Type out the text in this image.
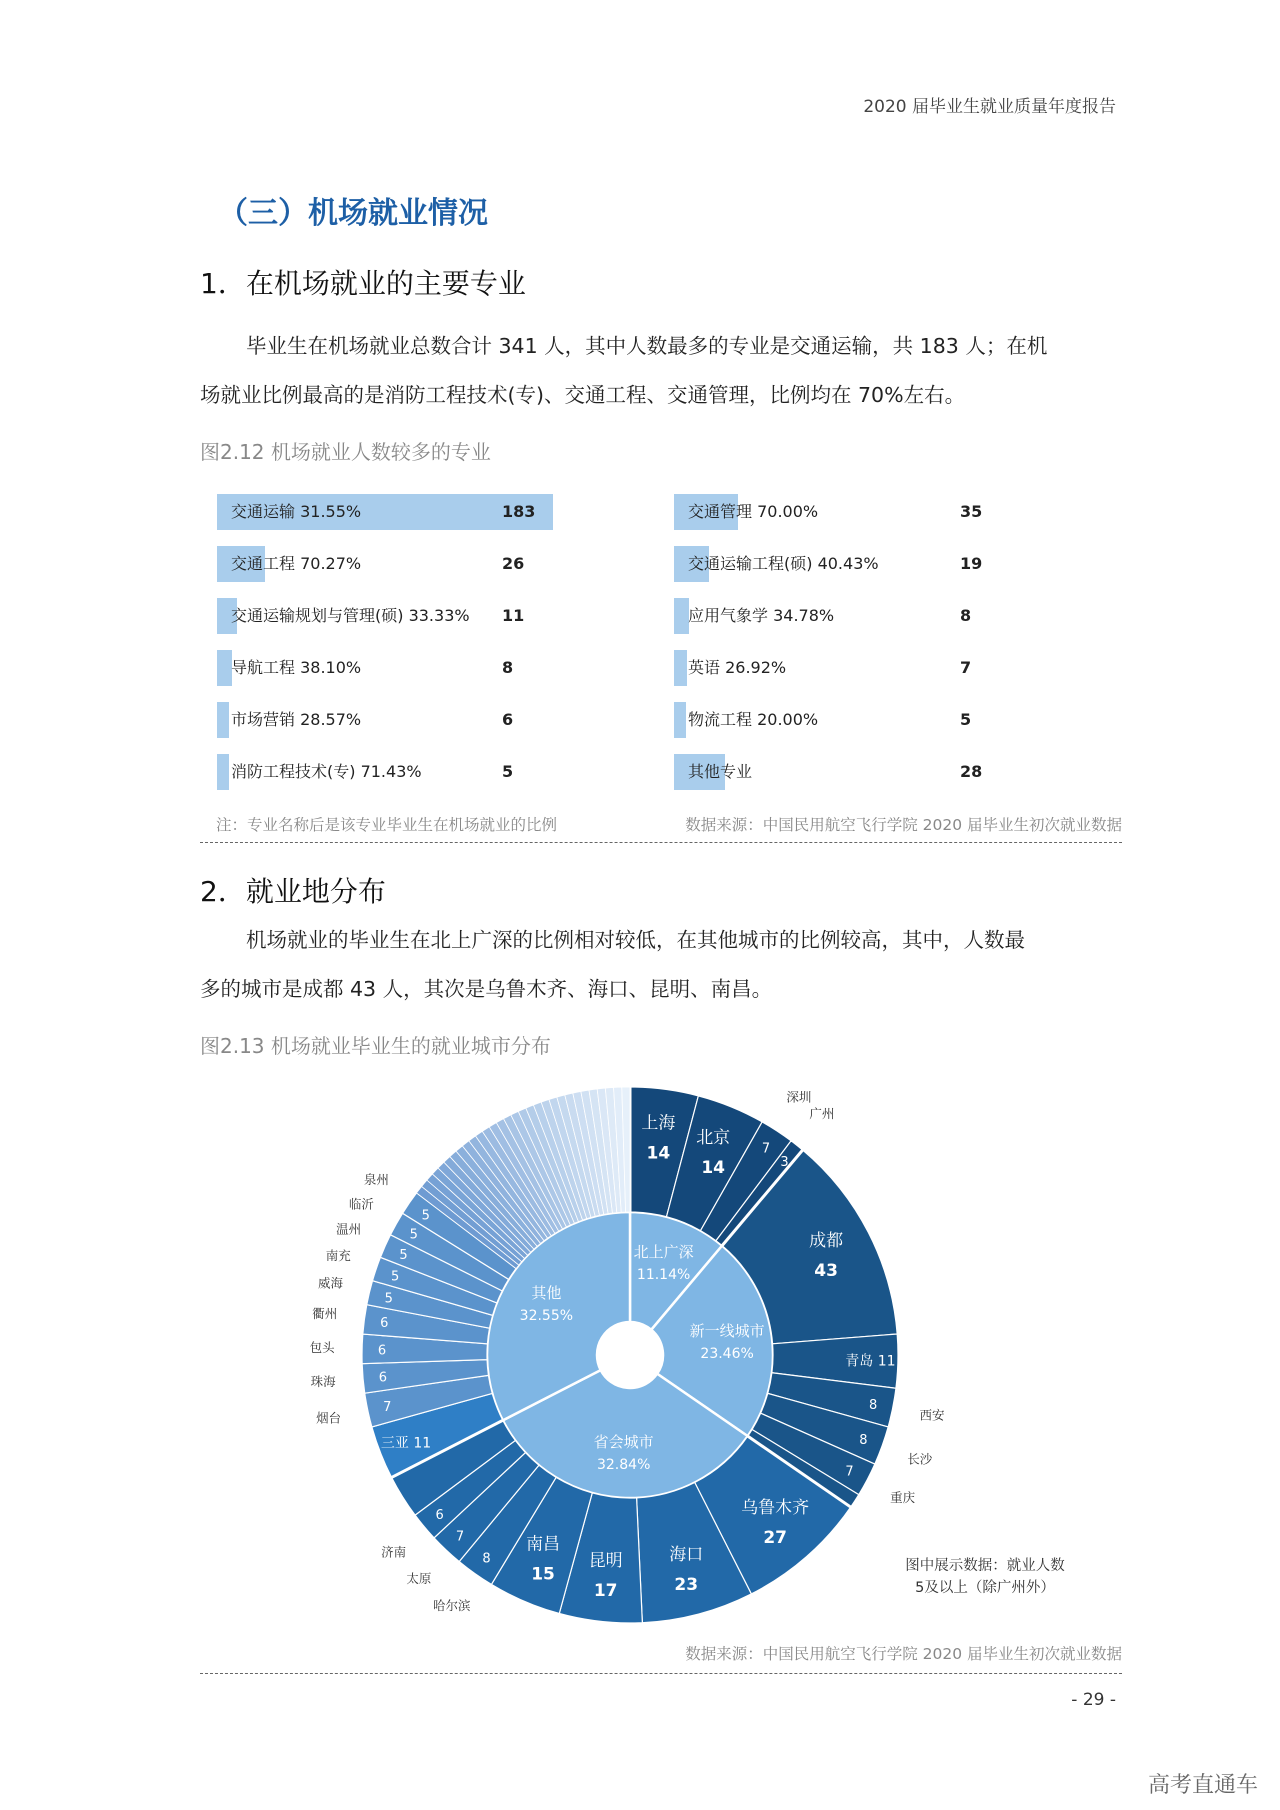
2020 届毕业生就业质量年度报告
（三）机场就业情况
1．在机场就业的主要专业
毕业生在机场就业总数合计 341 人，其中人数最多的专业是交通运输，共 183 人；在机
场就业比例最高的是消防工程技术(专)、交通工程、交通管理，比例均在 70%左右。
图2.12 机场就业人数较多的专业
交通运输 31.55%	183
交通工程 70.27%	26
交通运输规划与管理(硕) 33.33% 11
导航工程 38.10%	8
市场营销 28.57%	6
消防工程技术(专) 71.43%	5
交通管理 70.00%	35
交通运输工程(硕) 40.43%	19
应用气象学 34.78%	8
英语 26.92%	7
物流工程 20.00%	5
其他专业	28
注：专业名称后是该专业毕业生在机场就业的比例	数据来源：中国民用航空飞行学院 2020 届毕业生初次就业数据
2．就业地分布
机场就业的毕业生在北上广深的比例相对较低，在其他城市的比例较高，其中，人数最
多的城市是成都 43 人，其次是乌鲁木齐、海口、昆明、南昌。
图2.13 机场就业毕业生的就业城市分布
北上广深
11.14%
新一线城市
23.46%
省会城市
32.84%
其他
32.55%
上海
14
北京
14
7
深圳
3
广州
成都
43
青岛 11
8
西安
8
长沙
7
重庆
乌鲁木齐
27
海口
23
昆明
17
南昌
15
8
哈尔滨
7
太原
6
济南
三亚 11
7
烟台
6
珠海
6
包头
6
衢州
5
威海	5
南充	5
温州	5
临沂
5
泉州
图中展示数据：就业人数
5及以上（除广州外）
数据来源：中国民用航空飞行学院 2020 届毕业生初次就业数据
- 29 -
高考直通车
